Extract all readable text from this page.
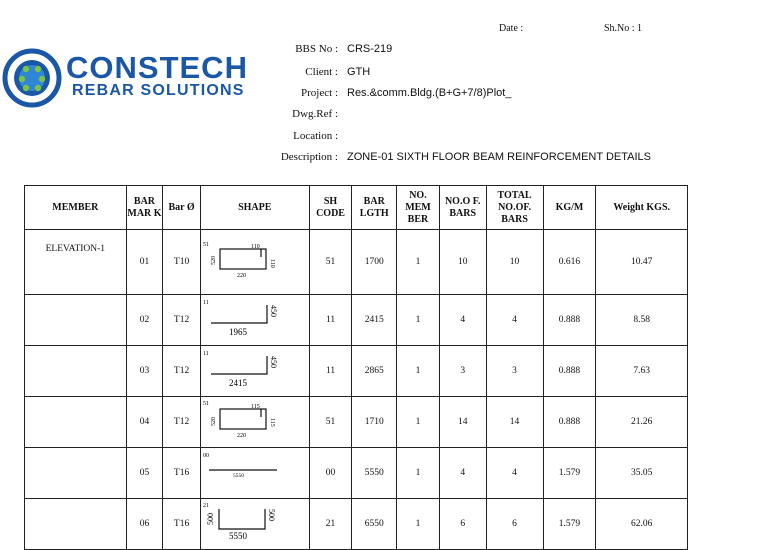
Date :	Sh.No : 1
CONSTECH
REBAR SOLUTIONS
BBS No : CRS-219
Client : GTH
Project : Res.&comm.Bldg.(B+G+7/8)Plot_
Dwg.Ref :
Location :
Description : ZONE-01 SIXTH FLOOR BEAM REINFORCEMENT DETAILS
MEMBER	BAR MAR K	Bar Ø	SHAPE	SH CODE	BAR LGTH	NO. MEM BER	NO.O F. BARS	TOTAL NO.OF. BARS	KG/M	Weight KGS.
ELEVATION-1	01	T10	51 110
110
520
220	51	1700	1	10	10	0.616	10.47
	02	T12	11
450
1965	11	2415	1	4	4	0.888	8.58
	03	T12	11
450
2415	11	2865	1	3	3	0.888	7.63
	04	T12	51 115
115
520
220	51	1710	1	14	14	0.888	21.26
	05	T16	00
5550	00	5550	1	4	4	1.579	35.05
	06	T16	21
500 500
5550	21	6550	1	6	6	1.579	62.06
